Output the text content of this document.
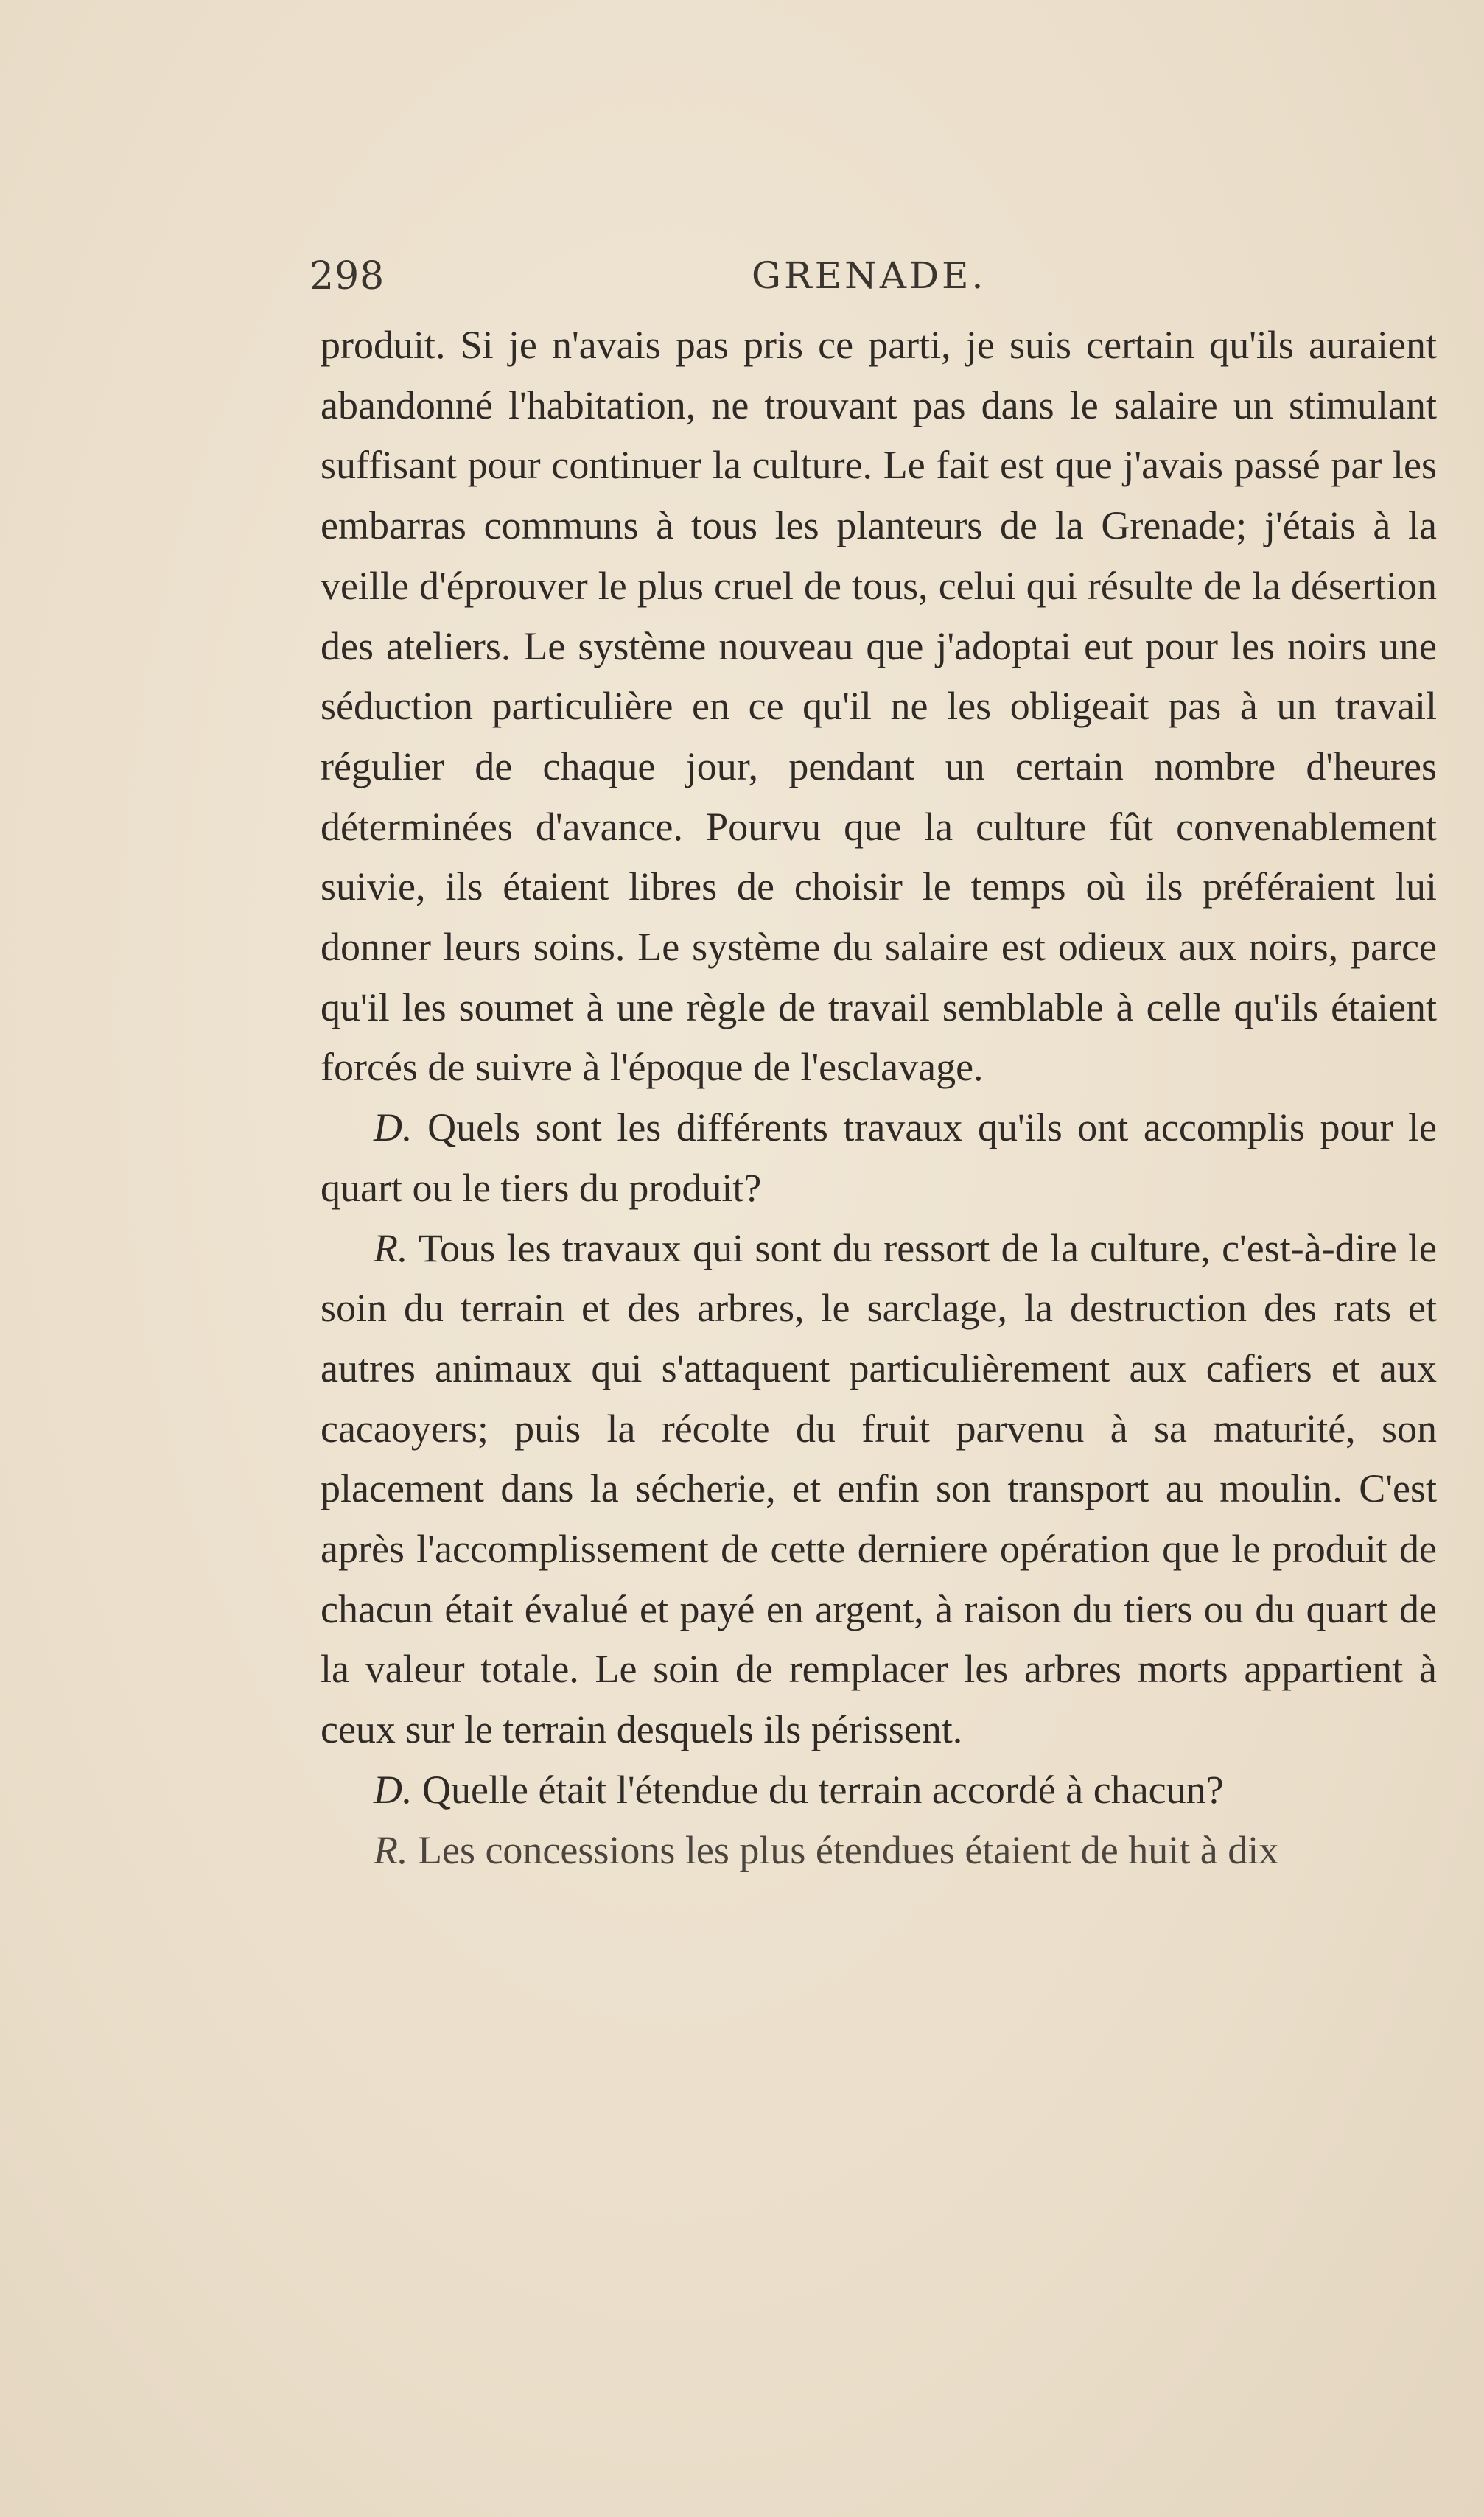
298	GRENADE.

produit. Si je n'avais pas pris ce parti, je suis certain qu'ils auraient abandonné l'habitation, ne trouvant pas dans le salaire un stimulant suffisant pour continuer la culture. Le fait est que j'avais passé par les embarras communs à tous les planteurs de la Grenade; j'étais à la veille d'éprouver le plus cruel de tous, celui qui résulte de la désertion des ateliers. Le système nouveau que j'adoptai eut pour les noirs une séduction particulière en ce qu'il ne les obligeait pas à un travail régulier de chaque jour, pendant un certain nombre d'heures déterminées d'avance. Pourvu que la culture fût convenablement suivie, ils étaient libres de choisir le temps où ils préféraient lui donner leurs soins. Le système du salaire est odieux aux noirs, parce qu'il les soumet à une règle de travail semblable à celle qu'ils étaient forcés de suivre à l'époque de l'esclavage.

D. Quels sont les différents travaux qu'ils ont accomplis pour le quart ou le tiers du produit?

R. Tous les travaux qui sont du ressort de la culture, c'est-à-dire le soin du terrain et des arbres, le sarclage, la destruction des rats et autres animaux qui s'attaquent particulièrement aux cafiers et aux cacaoyers; puis la récolte du fruit parvenu à sa maturité, son placement dans la sécherie, et enfin son transport au moulin. C'est après l'accomplissement de cette derniere opération que le produit de chacun était évalué et payé en argent, à raison du tiers ou du quart de la valeur totale. Le soin de remplacer les arbres morts appartient à ceux sur le terrain desquels ils périssent.

D. Quelle était l'étendue du terrain accordé à chacun?

R. Les concessions les plus étendues étaient de huit à dix
